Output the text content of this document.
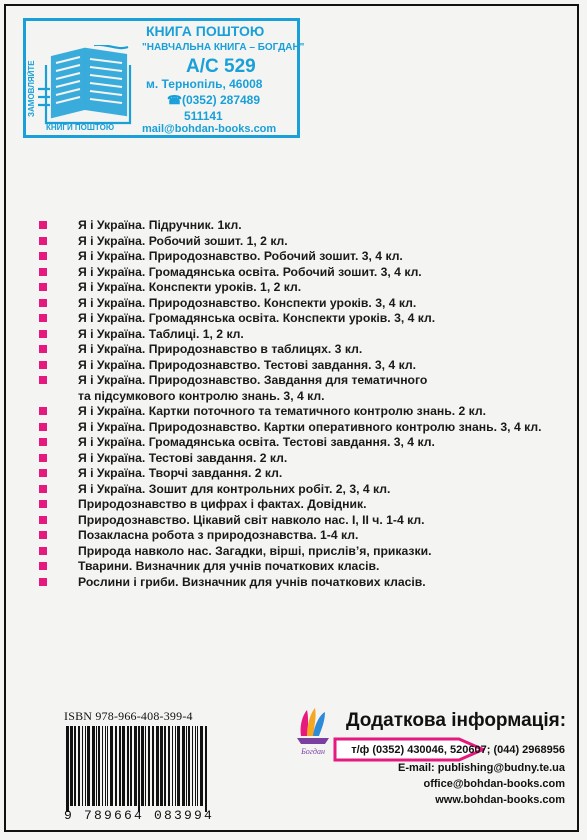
ЗАМОВЛЯЙТЕ
КНИГИ ПОШТОЮ
КНИГА ПОШТОЮ
"НАВЧАЛЬНА КНИГА – БОГДАН"
А/С 529
м. Тернопіль, 46008
☎(0352) 287489
511141
mail@bohdan-books.com
Я і Україна. Підручник. 1кл.
Я і Україна. Робочий зошит. 1, 2 кл.
Я і Україна. Природознавство. Робочий зошит. 3, 4 кл.
Я і Україна. Громадянська освіта. Робочий зошит. 3, 4 кл.
Я і Україна. Конспекти уроків. 1, 2 кл.
Я і Україна. Природознавство. Конспекти уроків. 3, 4 кл.
Я і Україна. Громадянська освіта. Конспекти уроків. 3, 4 кл.
Я і Україна. Таблиці. 1, 2 кл.
Я і Україна. Природознавство в таблицях. 3 кл.
Я і Україна. Природознавство. Тестові завдання. 3, 4 кл.
Я і Україна. Природознавство. Завдання для тематичного
та підсумкового контролю знань. 3, 4 кл.
Я і Україна. Картки поточного та тематичного контролю знань. 2 кл.
Я і Україна. Природознавство. Картки оперативного контролю знань. 3, 4 кл.
Я і Україна. Громадянська освіта. Тестові завдання. 3, 4 кл.
Я і Україна. Тестові завдання. 2 кл.
Я і Україна. Творчі завдання. 2 кл.
Я і Україна. Зошит для контрольних робіт. 2, 3, 4 кл.
Природознавство в цифрах і фактах. Довідник.
Природознавство. Цікавий світ навколо нас. І, ІІ ч. 1-4 кл.
Позакласна робота з природознавства. 1-4 кл.
Природа навколо нас. Загадки, вірші, прислів’я, приказки.
Тварини. Визначник для учнів початкових класів.
Рослини і гриби. Визначник для учнів початкових класів.
ISBN 978-966-408-399-4
9 789664 083994
Богдан
Додаткова інформація:
т/ф (0352) 430046, 520607; (044) 2968956
E-mail: publishing@budny.te.ua
office@bohdan-books.com
www.bohdan-books.com
